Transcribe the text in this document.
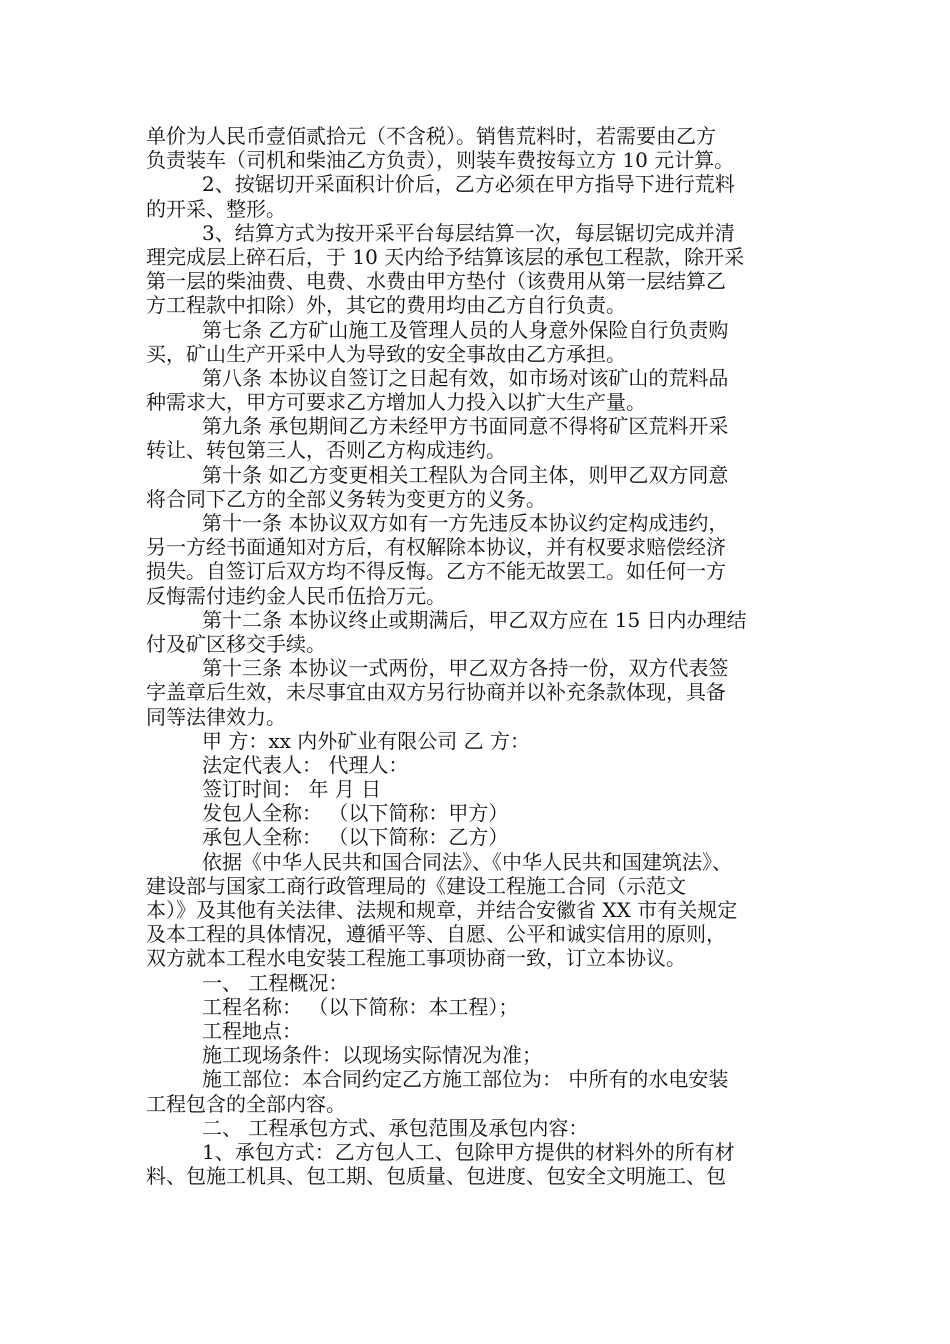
单价为人民币壹佰贰拾元（不含税）。销售荒料时，若需要由乙方
负责装车（司机和柴油乙方负责），则装车费按每立方 10 元计算。
2、按锯切开采面积计价后，乙方必须在甲方指导下进行荒料
的开采、整形。
3、结算方式为按开采平台每层结算一次，每层锯切完成并清
理完成层上碎石后，于 10 天内给予结算该层的承包工程款，除开采
第一层的柴油费、电费、水费由甲方垫付（该费用从第一层结算乙
方工程款中扣除）外，其它的费用均由乙方自行负责。
第七条 乙方矿山施工及管理人员的人身意外保险自行负责购
买，矿山生产开采中人为导致的安全事故由乙方承担。
第八条 本协议自签订之日起有效，如市场对该矿山的荒料品
种需求大，甲方可要求乙方增加人力投入以扩大生产量。
第九条 承包期间乙方未经甲方书面同意不得将矿区荒料开采
转让、转包第三人，否则乙方构成违约。
第十条 如乙方变更相关工程队为合同主体，则甲乙双方同意
将合同下乙方的全部义务转为变更方的义务。
第十一条 本协议双方如有一方先违反本协议约定构成违约，
另一方经书面通知对方后，有权解除本协议，并有权要求赔偿经济
损失。自签订后双方均不得反悔。乙方不能无故罢工。如任何一方
反悔需付违约金人民币伍拾万元。
第十二条 本协议终止或期满后，甲乙双方应在 15 日内办理结
付及矿区移交手续。
第十三条 本协议一式两份，甲乙双方各持一份，双方代表签
字盖章后生效，未尽事宜由双方另行协商并以补充条款体现，具备
同等法律效力。
甲 方：xx 内外矿业有限公司 乙 方：
法定代表人： 代理人：
签订时间： 年 月 日
发包人全称： （以下简称：甲方）
承包人全称： （以下简称：乙方）
依据《中华人民共和国合同法》、《中华人民共和国建筑法》、
建设部与国家工商行政管理局的《建设工程施工合同（示范文
本）》及其他有关法律、法规和规章，并结合安徽省 XX 市有关规定
及本工程的具体情况，遵循平等、自愿、公平和诚实信用的原则，
双方就本工程水电安装工程施工事项协商一致，订立本协议。
一、 工程概况：
工程名称： （以下简称：本工程）；
工程地点：
施工现场条件：以现场实际情况为准；
施工部位：本合同约定乙方施工部位为： 中所有的水电安装
工程包含的全部内容。
二、 工程承包方式、承包范围及承包内容：
1、承包方式：乙方包人工、包除甲方提供的材料外的所有材
料、包施工机具、包工期、包质量、包进度、包安全文明施工、包
